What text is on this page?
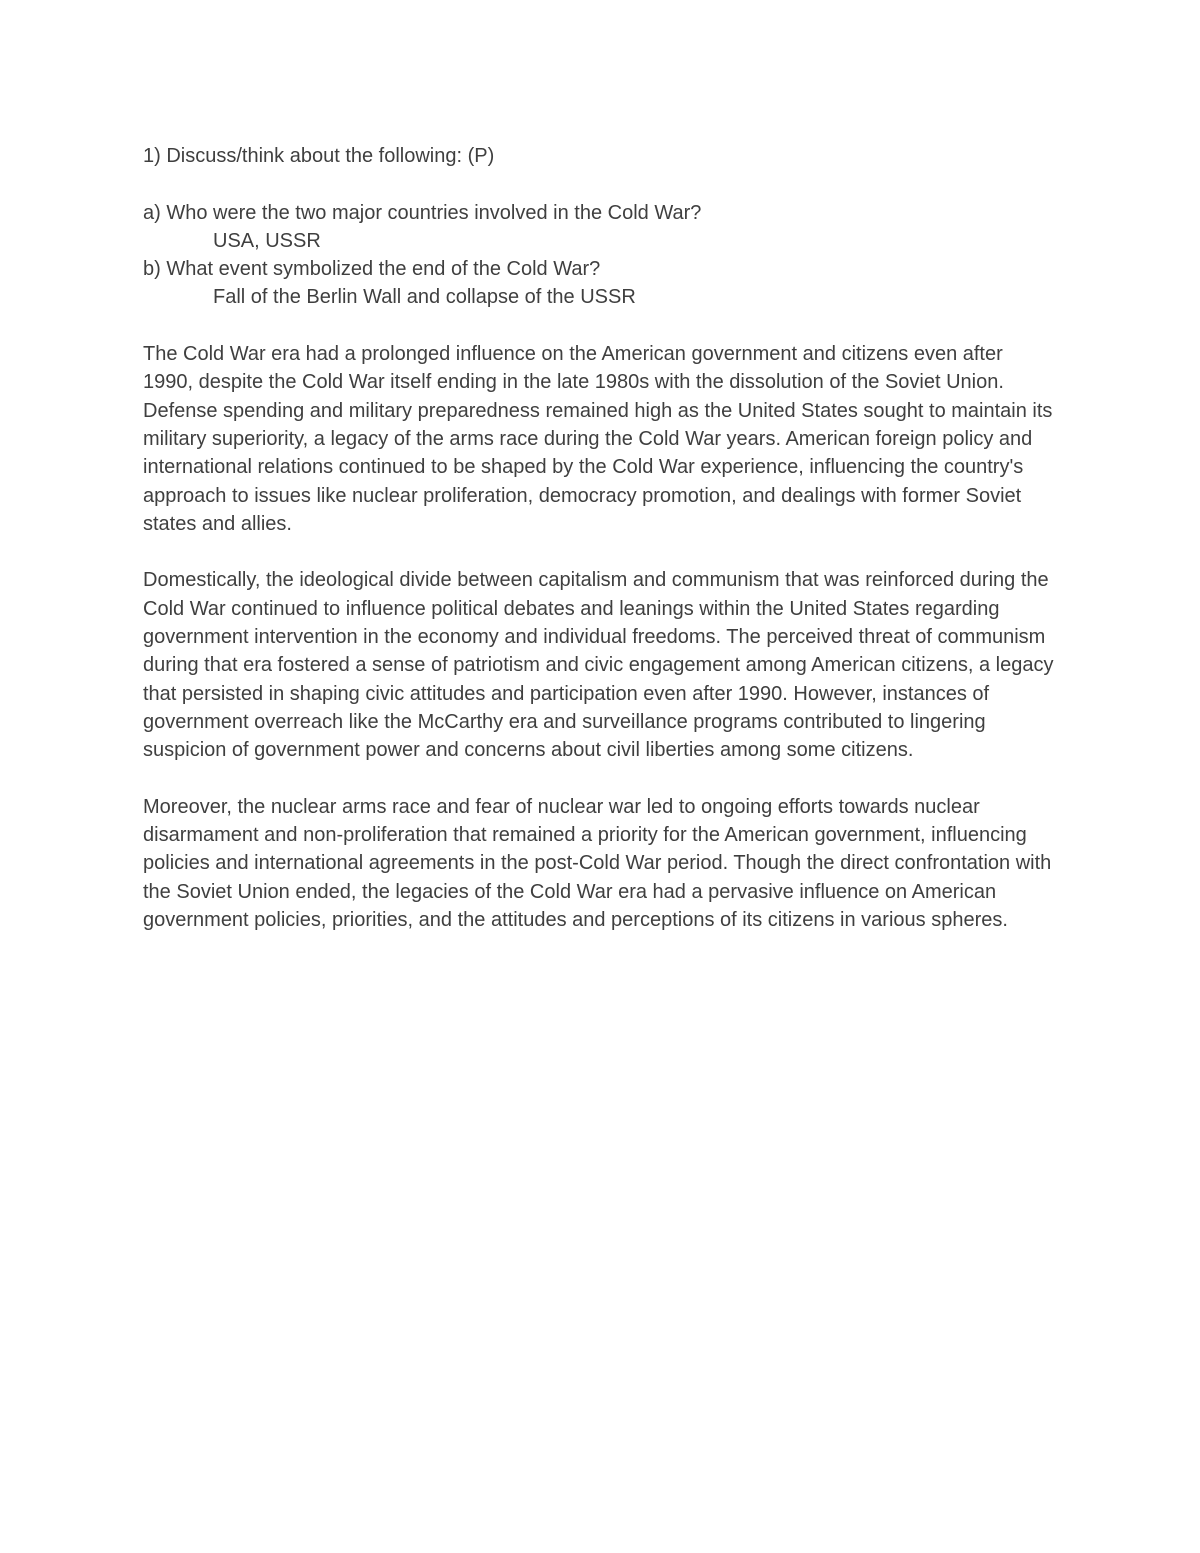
1) Discuss/think about the following: (P)

a) Who were the two major countries involved in the Cold War?

USA, USSR

b) What event symbolized the end of the Cold War?

Fall of the Berlin Wall and collapse of the USSR

The Cold War era had a prolonged influence on the American government and citizens even after 1990, despite the Cold War itself ending in the late 1980s with the dissolution of the Soviet Union. Defense spending and military preparedness remained high as the United States sought to maintain its military superiority, a legacy of the arms race during the Cold War years. American foreign policy and international relations continued to be shaped by the Cold War experience, influencing the country's approach to issues like nuclear proliferation, democracy promotion, and dealings with former Soviet states and allies.

Domestically, the ideological divide between capitalism and communism that was reinforced during the Cold War continued to influence political debates and leanings within the United States regarding government intervention in the economy and individual freedoms. The perceived threat of communism during that era fostered a sense of patriotism and civic engagement among American citizens, a legacy that persisted in shaping civic attitudes and participation even after 1990. However, instances of government overreach like the McCarthy era and surveillance programs contributed to lingering  suspicion of government power and concerns about civil liberties among some citizens.

Moreover, the nuclear arms race and fear of nuclear war led to ongoing efforts towards nuclear disarmament and non-proliferation that remained a priority for the American government, influencing policies and international agreements in the post-Cold War period. Though the direct confrontation with the Soviet Union ended, the legacies of the Cold War era had a pervasive influence on American government policies, priorities, and the attitudes and perceptions of its citizens in various spheres.
